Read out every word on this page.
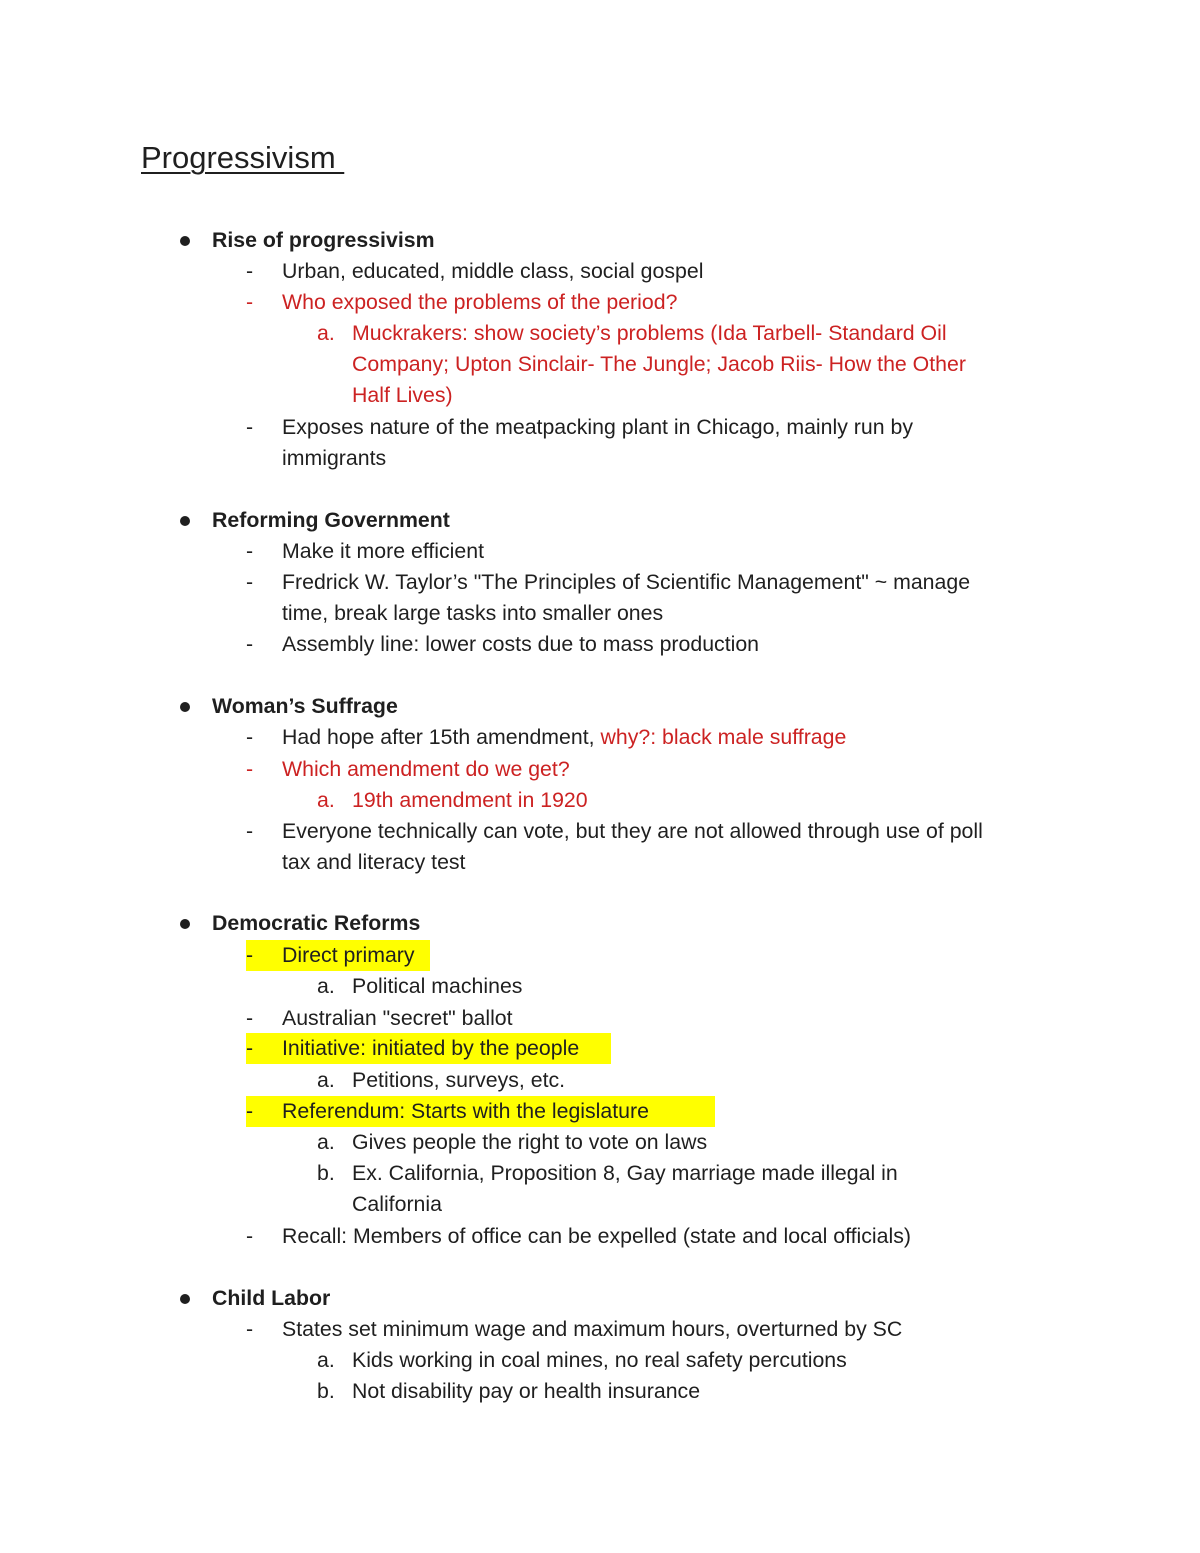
Progressivism
Rise of progressivism
- Urban, educated, middle class, social gospel
- Who exposed the problems of the period?
a. Muckrakers: show society’s problems (Ida Tarbell- Standard Oil
Company; Upton Sinclair- The Jungle; Jacob Riis- How the Other
Half Lives)
- Exposes nature of the meatpacking plant in Chicago, mainly run by
immigrants
Reforming Government
- Make it more efficient
- Fredrick W. Taylor’s "The Principles of Scientific Management" ~ manage
time, break large tasks into smaller ones
- Assembly line: lower costs due to mass production
Woman’s Suffrage
- Had hope after 15th amendment, why?: black male suffrage
- Which amendment do we get?
a. 19th amendment in 1920
- Everyone technically can vote, but they are not allowed through use of poll
tax and literacy test
Democratic Reforms
- Direct primary
a. Political machines
- Australian "secret" ballot
- Initiative: initiated by the people
a. Petitions, surveys, etc.
- Referendum: Starts with the legislature
a. Gives people the right to vote on laws
b. Ex. California, Proposition 8, Gay marriage made illegal in
California
- Recall: Members of office can be expelled (state and local officials)
Child Labor
- States set minimum wage and maximum hours, overturned by SC
a. Kids working in coal mines, no real safety percutions
b. Not disability pay or health insurance
